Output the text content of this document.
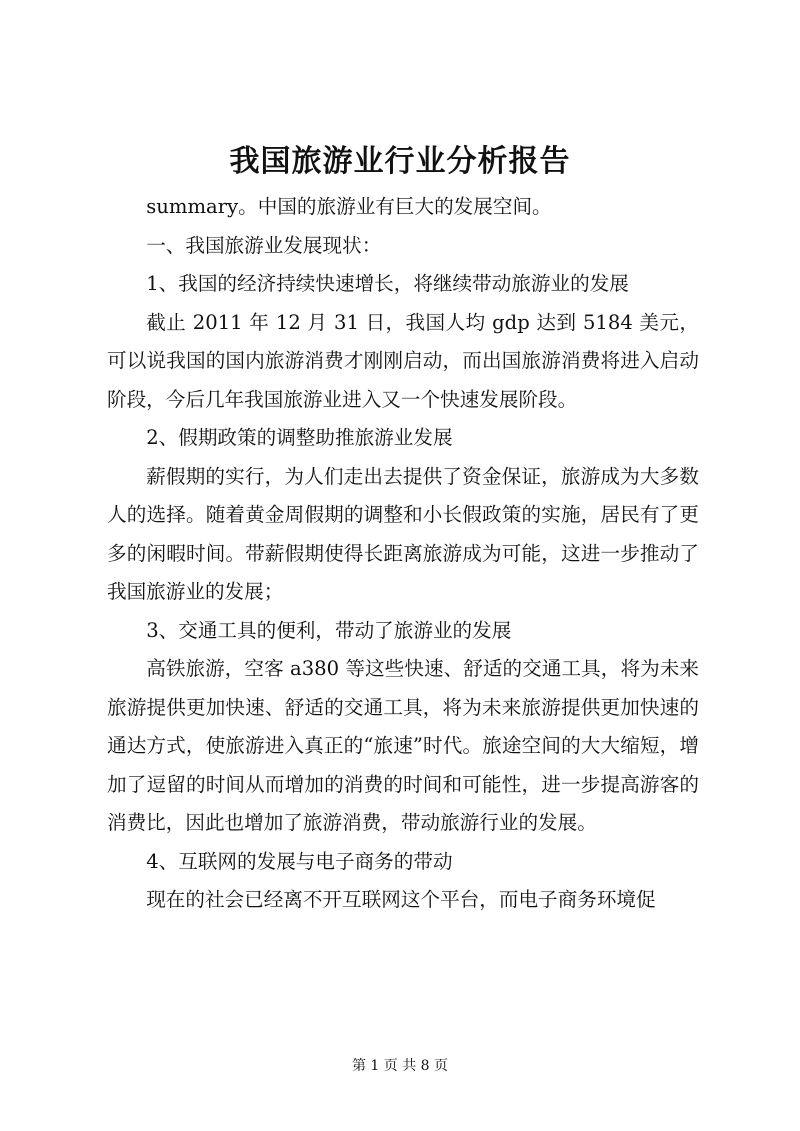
我国旅游业行业分析报告

summary。中国的旅游业有巨大的发展空间。

一、我国旅游业发展现状：

1、我国的经济持续快速增长，将继续带动旅游业的发展

截止 2011 年 12 月 31 日，我国人均 gdp 达到 5184 美元，可以说我国的国内旅游消费才刚刚启动，而出国旅游消费将进入启动阶段，今后几年我国旅游业进入又一个快速发展阶段。

2、假期政策的调整助推旅游业发展

薪假期的实行，为人们走出去提供了资金保证，旅游成为大多数人的选择。随着黄金周假期的调整和小长假政策的实施，居民有了更多的闲暇时间。带薪假期使得长距离旅游成为可能，这进一步推动了我国旅游业的发展；

3、交通工具的便利，带动了旅游业的发展

高铁旅游，空客 a380 等这些快速、舒适的交通工具，将为未来旅游提供更加快速、舒适的交通工具，将为未来旅游提供更加快速的通达方式，使旅游进入真正的“旅速”时代。旅途空间的大大缩短，增加了逗留的时间从而增加的消费的时间和可能性，进一步提高游客的消费比，因此也增加了旅游消费，带动旅游行业的发展。

4、互联网的发展与电子商务的带动

现在的社会已经离不开互联网这个平台，而电子商务环境促

第 1 页 共 8 页
